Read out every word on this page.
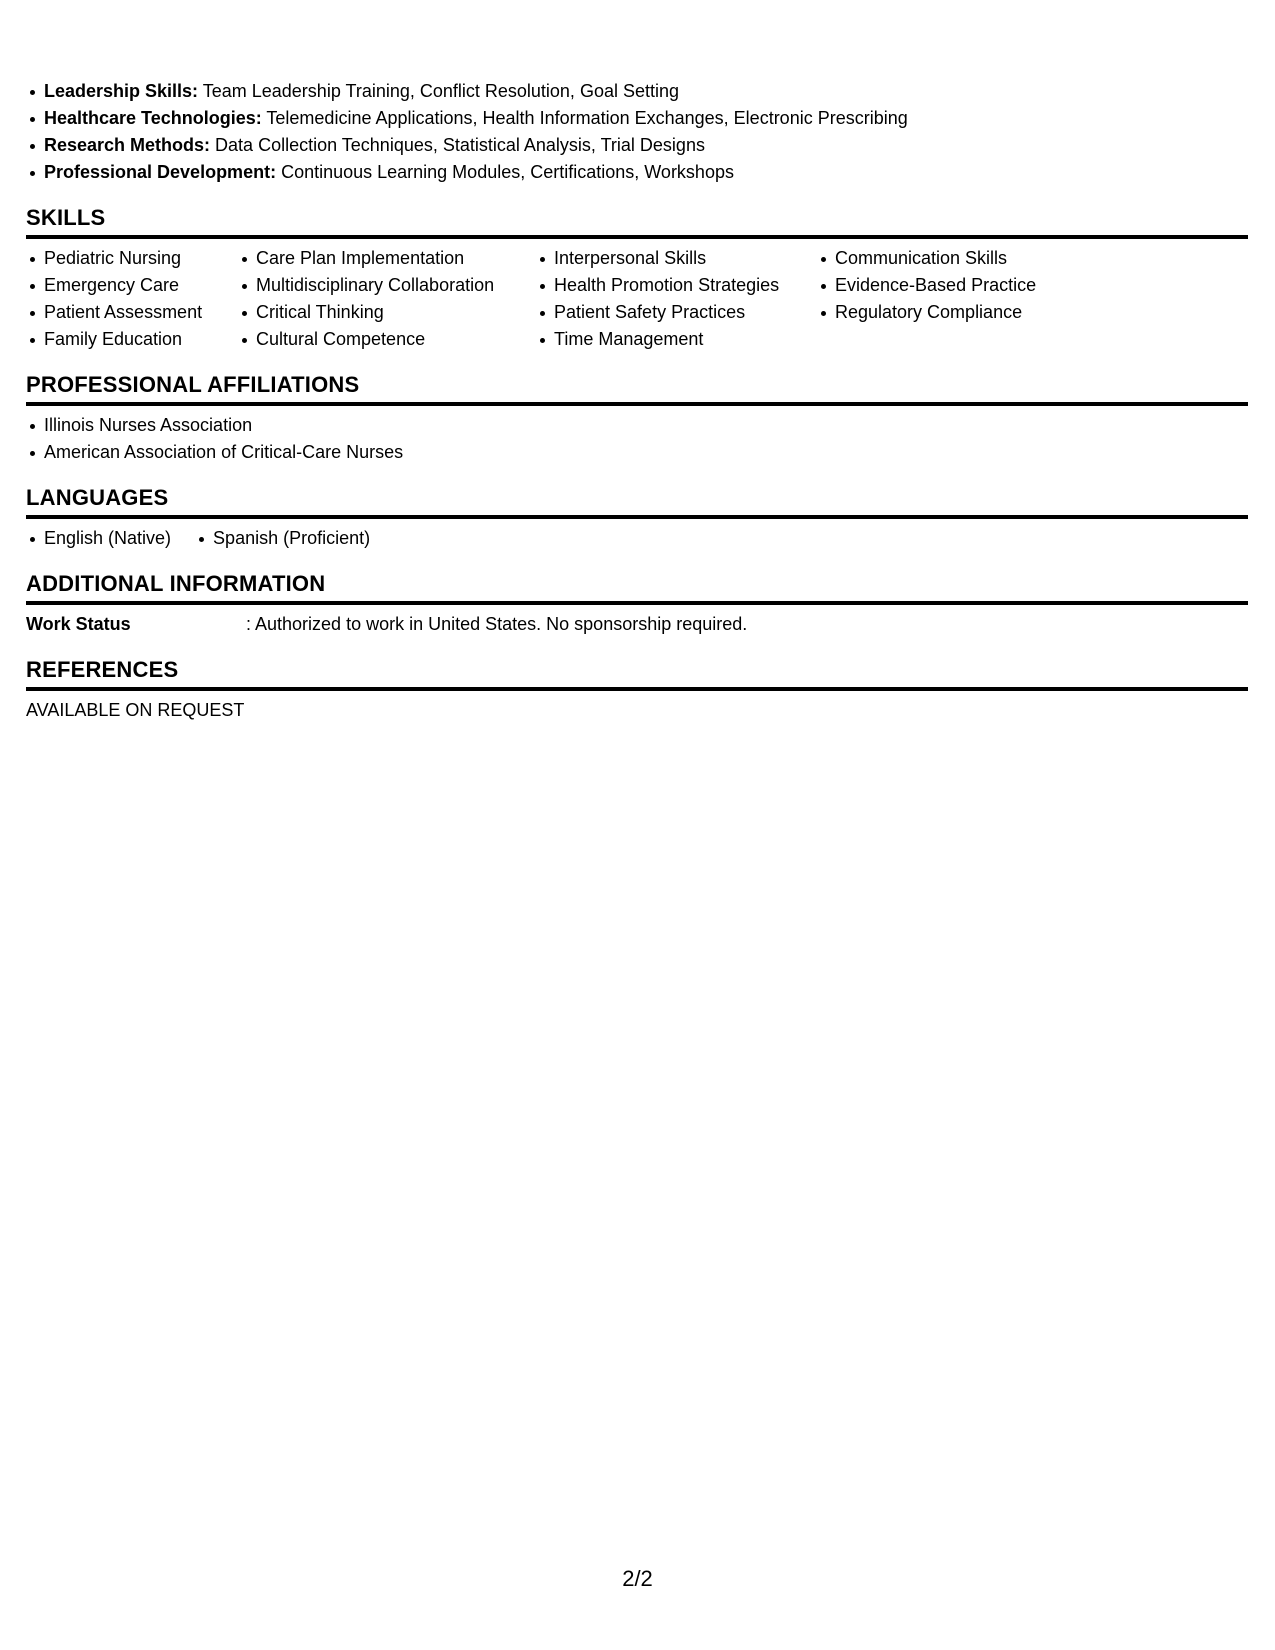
Leadership Skills: Team Leadership Training, Conflict Resolution, Goal Setting
Healthcare Technologies: Telemedicine Applications, Health Information Exchanges, Electronic Prescribing
Research Methods: Data Collection Techniques, Statistical Analysis, Trial Designs
Professional Development: Continuous Learning Modules, Certifications, Workshops
SKILLS
Pediatric Nursing
Emergency Care
Patient Assessment
Family Education
Care Plan Implementation
Multidisciplinary Collaboration
Critical Thinking
Cultural Competence
Interpersonal Skills
Health Promotion Strategies
Patient Safety Practices
Time Management
Communication Skills
Evidence-Based Practice
Regulatory Compliance
PROFESSIONAL AFFILIATIONS
Illinois Nurses Association
American Association of Critical-Care Nurses
LANGUAGES
English (Native)	Spanish (Proficient)
ADDITIONAL INFORMATION
Work Status	: Authorized to work in United States. No sponsorship required.
REFERENCES
AVAILABLE ON REQUEST
2/2
